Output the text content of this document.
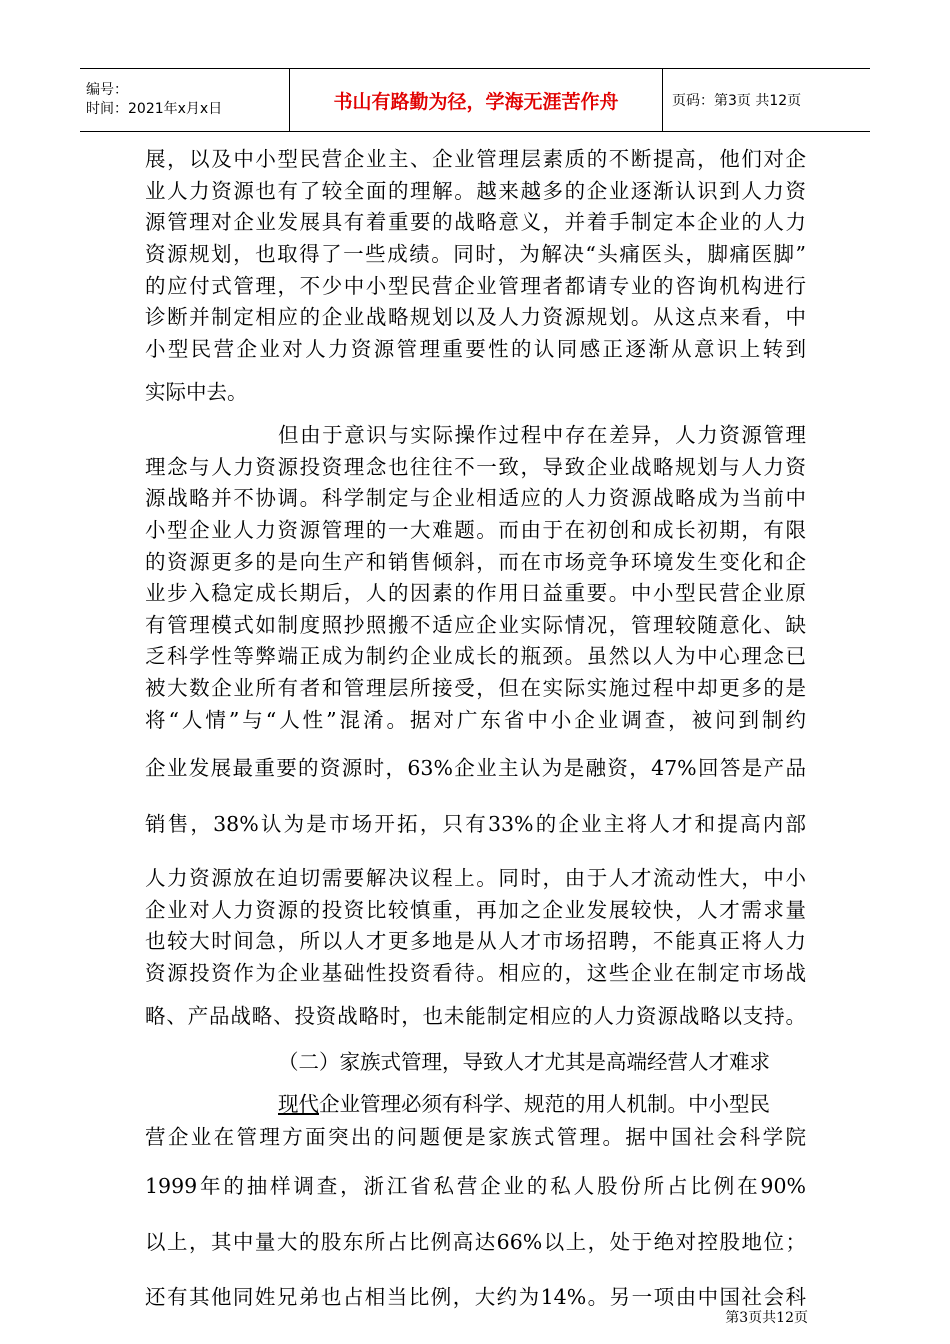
编号：
时间：2021年x月x日	书山有路勤为径，学海无涯苦作舟	页码：第3页 共12页
展，以及中小型民营企业主、企业管理层素质的不断提高，他们对企
业人力资源也有了较全面的理解。越来越多的企业逐渐认识到人力资
源管理对企业发展具有着重要的战略意义，并着手制定本企业的人力
资源规划，也取得了一些成绩。同时，为解决“头痛医头，脚痛医脚”
的应付式管理，不少中小型民营企业管理者都请专业的咨询机构进行
诊断并制定相应的企业战略规划以及人力资源规划。从这点来看，中
小型民营企业对人力资源管理重要性的认同感正逐渐从意识上转到
实际中去。
但由于意识与实际操作过程中存在差异，人力资源管理
理念与人力资源投资理念也往往不一致，导致企业战略规划与人力资
源战略并不协调。科学制定与企业相适应的人力资源战略成为当前中
小型企业人力资源管理的一大难题。而由于在初创和成长初期，有限
的资源更多的是向生产和销售倾斜，而在市场竞争环境发生变化和企
业步入稳定成长期后，人的因素的作用日益重要。中小型民营企业原
有管理模式如制度照抄照搬不适应企业实际情况，管理较随意化、缺
乏科学性等弊端正成为制约企业成长的瓶颈。虽然以人为中心理念已
被大数企业所有者和管理层所接受，但在实际实施过程中却更多的是
将“人情”与“人性”混淆。据对广东省中小企业调查，被问到制约
企业发展最重要的资源时，63%企业主认为是融资，47%回答是产品
销售，38%认为是市场开拓，只有33%的企业主将人才和提高内部
人力资源放在迫切需要解决议程上。同时，由于人才流动性大，中小
企业对人力资源的投资比较慎重，再加之企业发展较快，人才需求量
也较大时间急，所以人才更多地是从人才市场招聘，不能真正将人力
资源投资作为企业基础性投资看待。相应的，这些企业在制定市场战
略、产品战略、投资战略时，也未能制定相应的人力资源战略以支持。
（二）家族式管理，导致人才尤其是高端经营人才难求
现代企业管理必须有科学、规范的用人机制。中小型民
营企业在管理方面突出的问题便是家族式管理。据中国社会科学院
1999年的抽样调查，浙江省私营企业的私人股份所占比例在90%
以上，其中量大的股东所占比例高达66%以上，处于绝对控股地位；
还有其他同姓兄弟也占相当比例，大约为14%。另一项由中国社会科
第3页共12页
